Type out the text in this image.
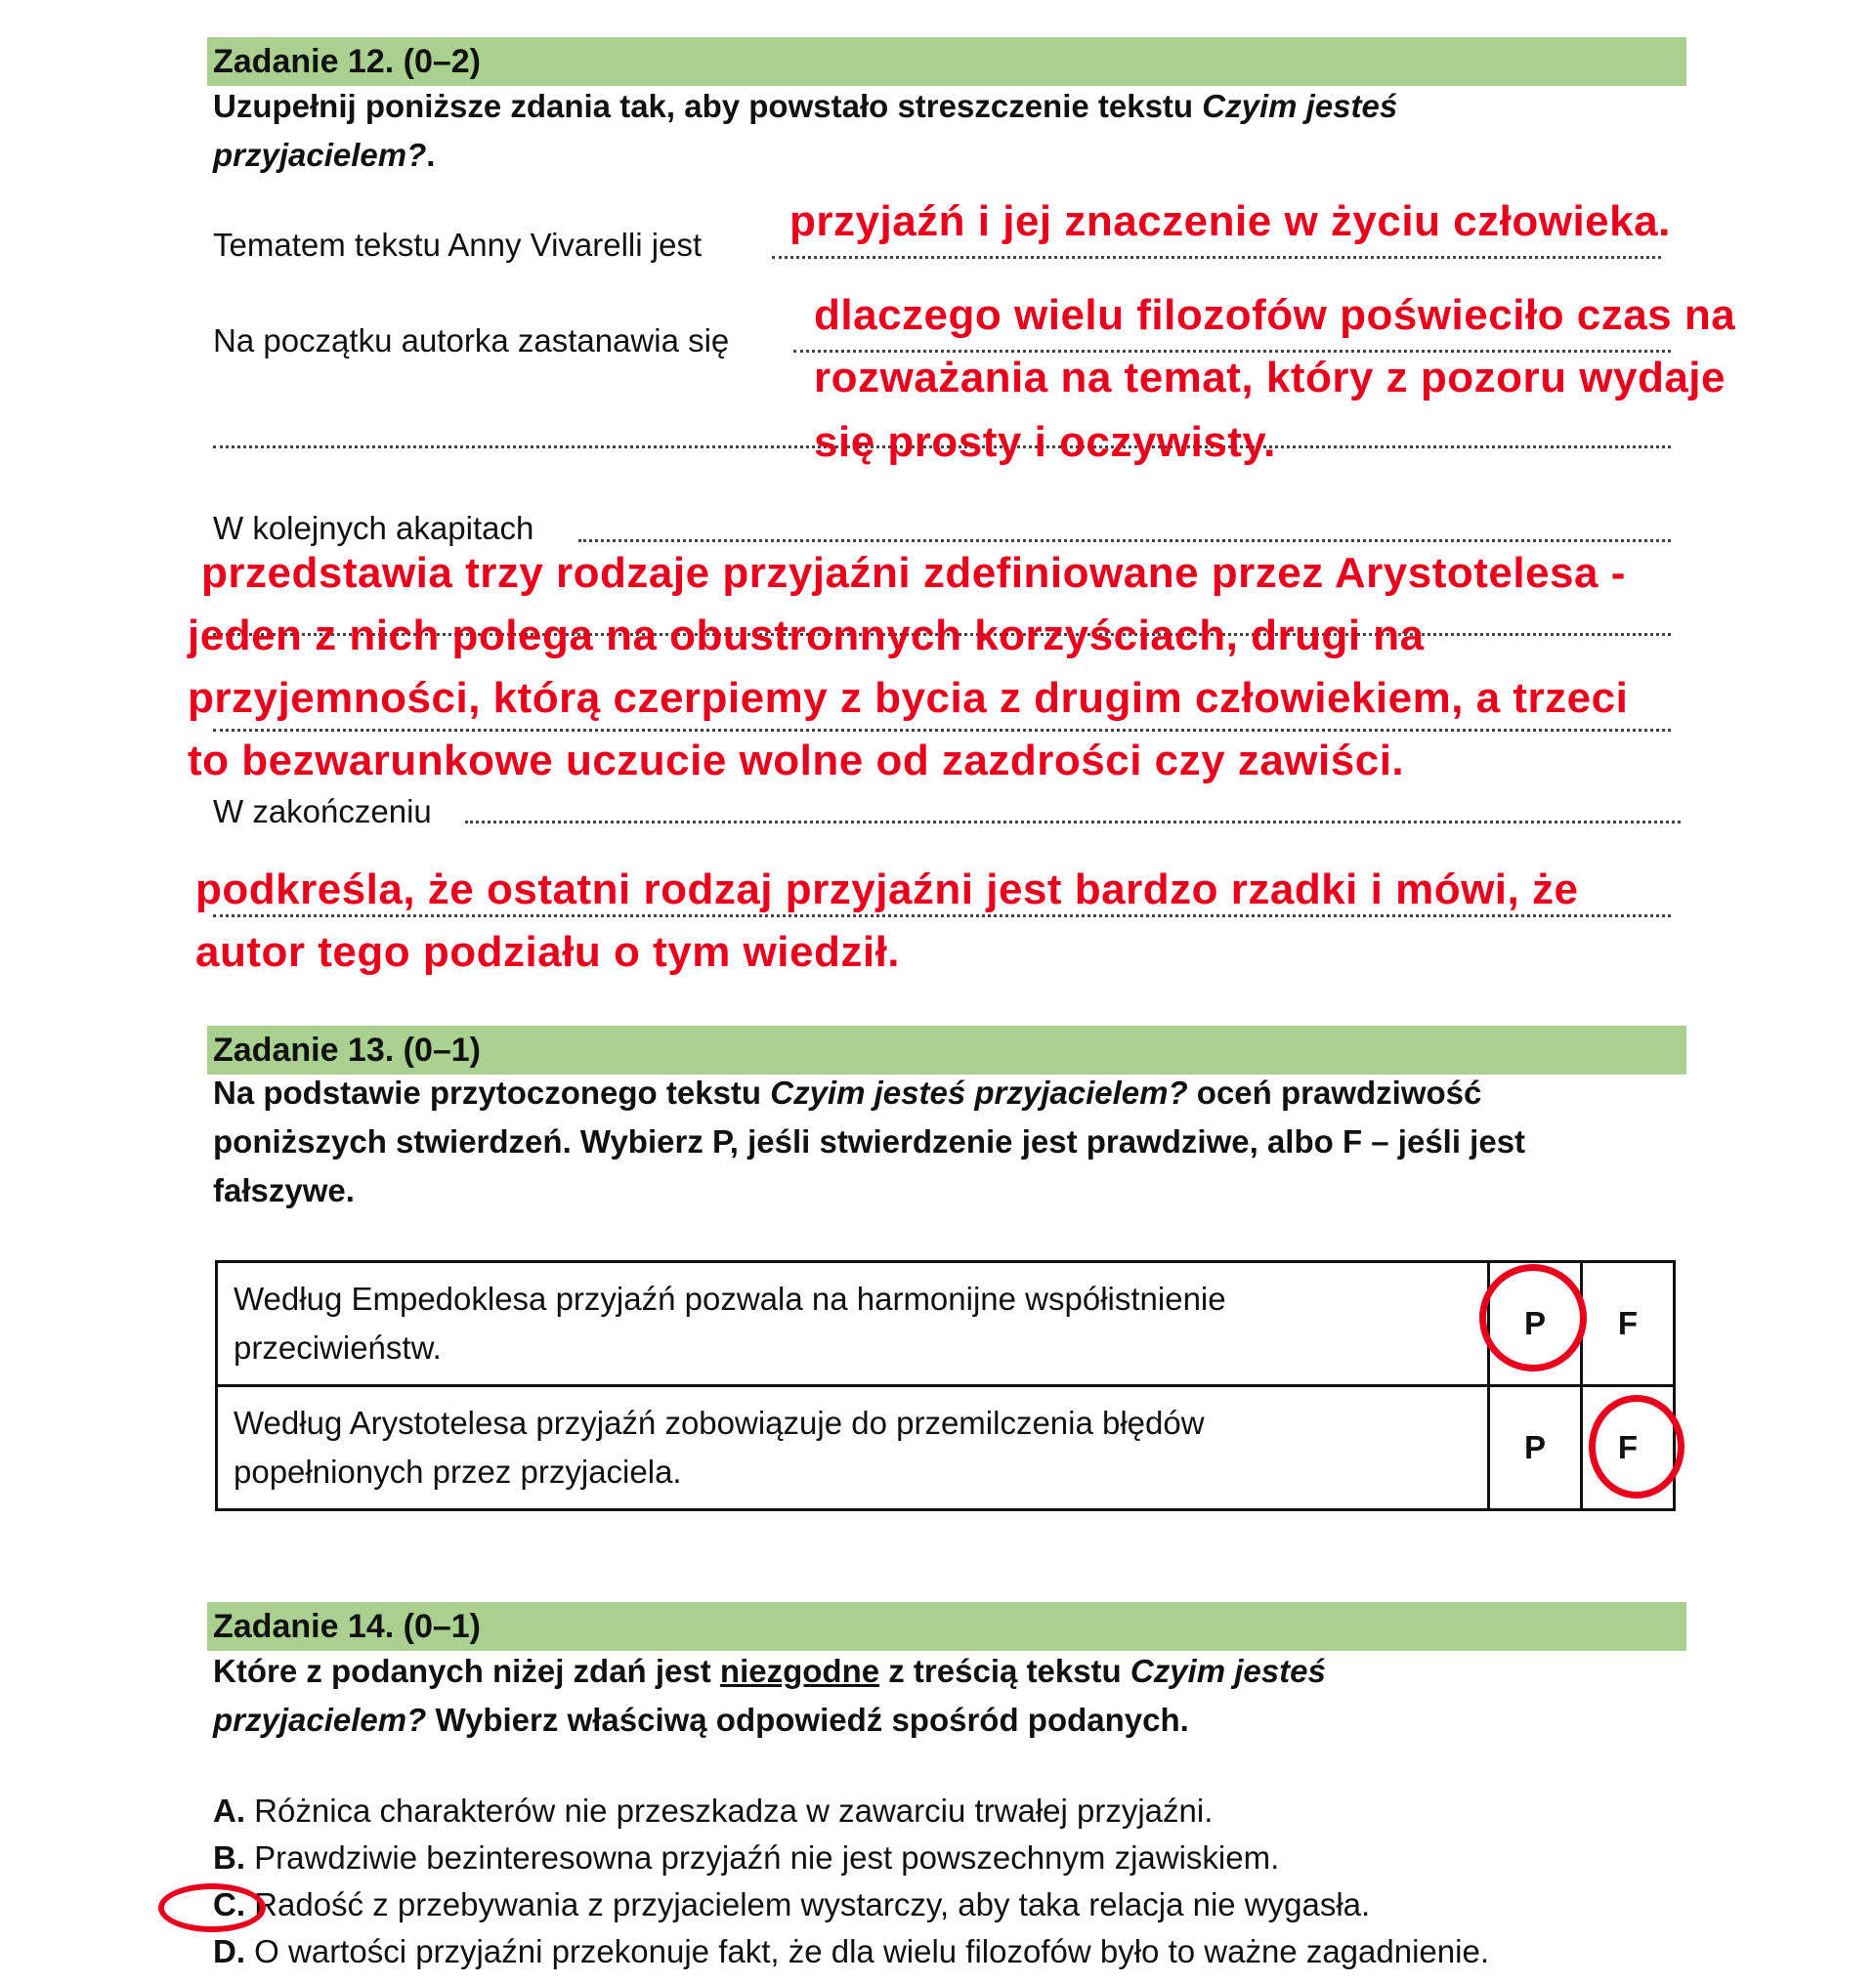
Zadanie 12. (0–2)
Uzupełnij poniższe zdania tak, aby powstało streszczenie tekstu Czyim jesteś
przyjacielem?.
Tematem tekstu Anny Vivarelli jest przyjaźń i jej znaczenie w życiu człowieka.
Na początku autorka zastanawia się
dlaczego wielu filozofów poświeciło czas na
rozważania na temat, który z pozoru wydaje
się prosty i oczywisty.
W kolejnych akapitach
przedstawia trzy rodzaje przyjaźni zdefiniowane przez Arystotelesa -
jeden z nich polega na obustronnych korzyściach, drugi na
przyjemności, którą czerpiemy z bycia z drugim człowiekiem, a trzeci
to bezwarunkowe uczucie wolne od zazdrości czy zawiści.
W zakończeniu
podkreśla, że ostatni rodzaj przyjaźni jest bardzo rzadki i mówi, że
autor tego podziału o tym wiedził.
Zadanie 13. (0–1)
Na podstawie przytoczonego tekstu Czyim jesteś przyjacielem? oceń prawdziwość
poniższych stwierdzeń. Wybierz P, jeśli stwierdzenie jest prawdziwe, albo F – jeśli jest
fałszywe.
Według Empedoklesa przyjaźń pozwala na harmonijne współistnienie
przeciwieństw.	P	F
Według Arystotelesa przyjaźń zobowiązuje do przemilczenia błędów
popełnionych przez przyjaciela.	P	F
Zadanie 14. (0–1)
Które z podanych niżej zdań jest niezgodne z treścią tekstu Czyim jesteś
przyjacielem? Wybierz właściwą odpowiedź spośród podanych.
A. Różnica charakterów nie przeszkadza w zawarciu trwałej przyjaźni.
B. Prawdziwie bezinteresowna przyjaźń nie jest powszechnym zjawiskiem.
C. Radość z przebywania z przyjacielem wystarczy, aby taka relacja nie wygasła.
D. O wartości przyjaźni przekonuje fakt, że dla wielu filozofów było to ważne zagadnienie.
